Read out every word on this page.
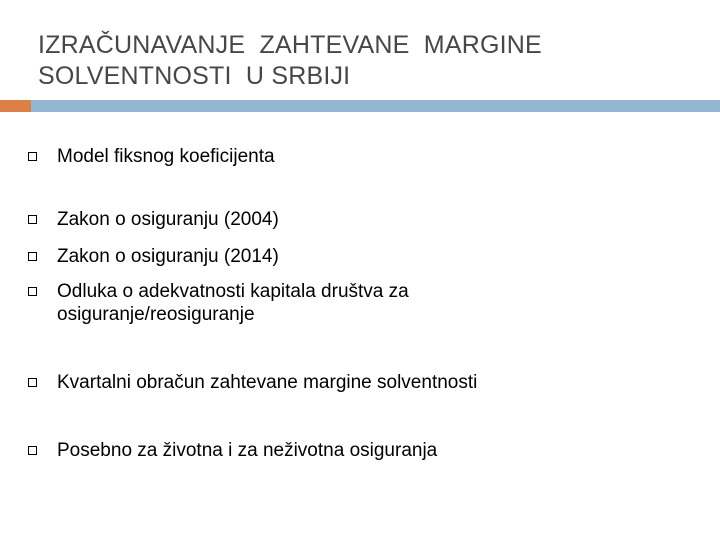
IZRAČUNAVANJE  ZAHTEVANE  MARGINE
SOLVENTNOSTI  U SRBIJI
Model fiksnog koeficijenta
Zakon o osiguranju (2004)
Zakon o osiguranju (2014)
Odluka o adekvatnosti kapitala društva za osiguranje/reosiguranje
Kvartalni obračun zahtevane margine solventnosti
Posebno za životna i za neživotna osiguranja
